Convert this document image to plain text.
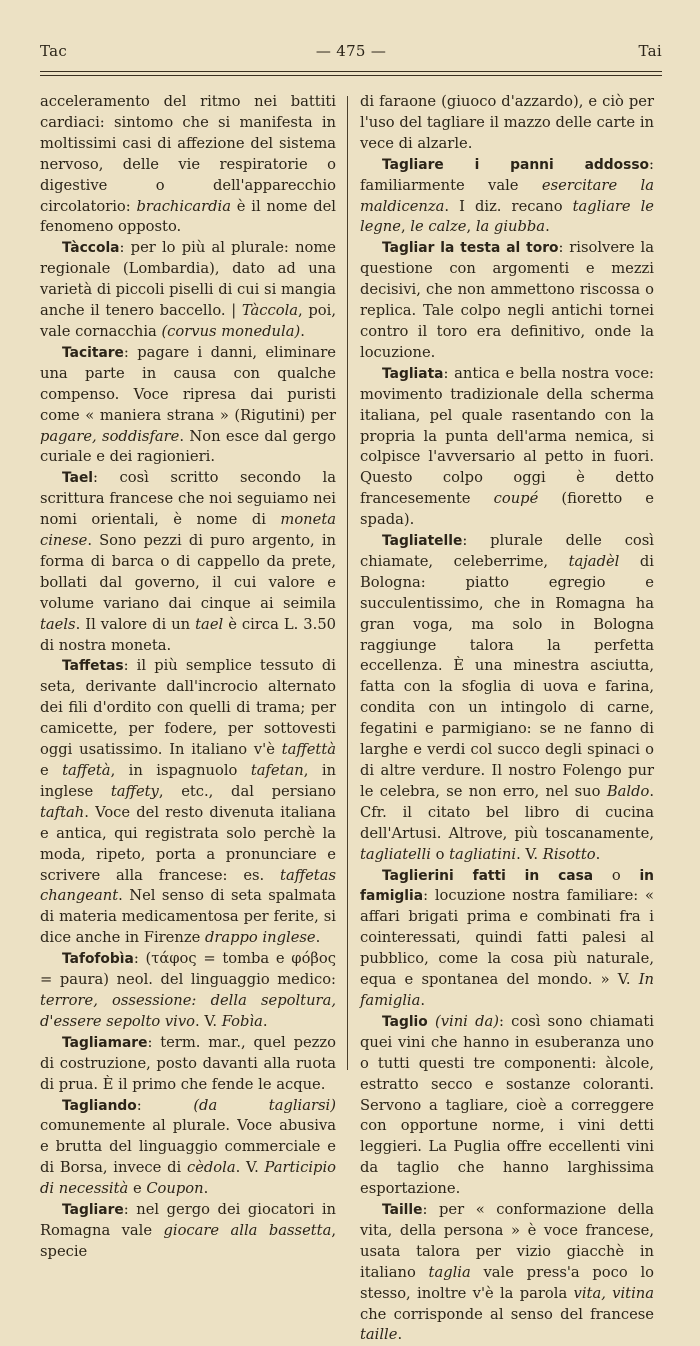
Tac	— 475 —	Tai

acceleramento del ritmo nei battiti cardiaci: sintomo che si manifesta in moltissimi casi di affezione del sistema nervoso, delle vie respiratorie o digestive o dell'apparecchio circolatorio: brachicardia è il nome del fenomeno opposto.

Tàccola: per lo più al plurale: nome regionale (Lombardia), dato ad una varietà di piccoli piselli di cui si mangia anche il tenero baccello. | Tàccola, poi, vale cornacchia (corvus monedula).

Tacitare: pagare i danni, eliminare una parte in causa con qualche compenso. Voce ripresa dai puristi come « maniera strana » (Rigutini) per pagare, soddisfare. Non esce dal gergo curiale e dei ragionieri.

Tael: così scritto secondo la scrittura francese che noi seguiamo nei nomi orientali, è nome di moneta cinese. Sono pezzi di puro argento, in forma di barca o di cappello da prete, bollati dal governo, il cui valore e volume variano dai cinque ai seimila taels. Il valore di un tael è circa L. 3.50 di nostra moneta.

Taffetas: il più semplice tessuto di seta, derivante dall'incrocio alternato dei fili d'ordito con quelli di trama; per camicette, per fodere, per sottovesti oggi usatissimo. In italiano v'è taffettà e taffetà, in ispagnuolo tafetan, in inglese taffety, etc., dal persiano taftah. Voce del resto divenuta italiana e antica, qui registrata solo perchè la moda, ripeto, porta a pronunciare e scrivere alla francese: es. taffetas changeant. Nel senso di seta spalmata di materia medicamentosa per ferite, si dice anche in Firenze drappo inglese.

Tafofobìa: (τάφος = tomba e φόβος = paura) neol. del linguaggio medico: terrore, ossessione: della sepoltura, d'essere sepolto vivo. V. Fobìa.

Tagliamare: term. mar., quel pezzo di costruzione, posto davanti alla ruota di prua. È il primo che fende le acque.

Tagliando: (da tagliarsi) comunemente al plurale. Voce abusiva e brutta del linguaggio commerciale e di Borsa, invece di cèdola. V. Participio di necessità e Coupon.

Tagliare: nel gergo dei giocatori in Romagna vale giocare alla bassetta, specie

di faraone (giuoco d'azzardo), e ciò per l'uso del tagliare il mazzo delle carte in vece di alzarle.

Tagliare i panni addosso: familiarmente vale esercitare la maldicenza. I diz. recano tagliare le legne, le calze, la giubba.

Tagliar la testa al toro: risolvere la questione con argomenti e mezzi decisivi, che non ammettono riscossa o replica. Tale colpo negli antichi tornei contro il toro era definitivo, onde la locuzione.

Tagliata: antica e bella nostra voce: movimento tradizionale della scherma italiana, pel quale rasentando con la propria la punta dell'arma nemica, si colpisce l'avversario al petto in fuori. Questo colpo oggi è detto francesemente coupé (fioretto e spada).

Tagliatelle: plurale delle così chiamate, celeberrime, tajadèl di Bologna: piatto egregio e succulentissimo, che in Romagna ha gran voga, ma solo in Bologna raggiunge talora la perfetta eccellenza. È una minestra asciutta, fatta con la sfoglia di uova e farina, condita con un intingolo di carne, fegatini e parmigiano: se ne fanno di larghe e verdi col succo degli spinaci o di altre verdure. Il nostro Folengo pur le celebra, se non erro, nel suo Baldo. Cfr. il citato bel libro di cucina dell'Artusi. Altrove, più toscanamente, tagliatelli o tagliatini. V. Risotto.

Taglierini fatti in casa o in famiglia: locuzione nostra familiare: « affari brigati prima e combinati fra i cointeressati, quindi fatti palesi al pubblico, come la cosa più naturale, equa e spontanea del mondo. » V. In famiglia.

Taglio (vini da): così sono chiamati quei vini che hanno in esuberanza uno o tutti questi tre componenti: àlcole, estratto secco e sostanze coloranti. Servono a tagliare, cioè a correggere con opportune norme, i vini detti leggieri. La Puglia offre eccellenti vini da taglio che hanno larghissima esportazione.

Taille: per « conformazione della vita, della persona » è voce francese, usata talora per vizio giacchè in italiano taglia vale press'a poco lo stesso, inoltre v'è la parola vita, vitina che corrisponde al senso del francese taille.
